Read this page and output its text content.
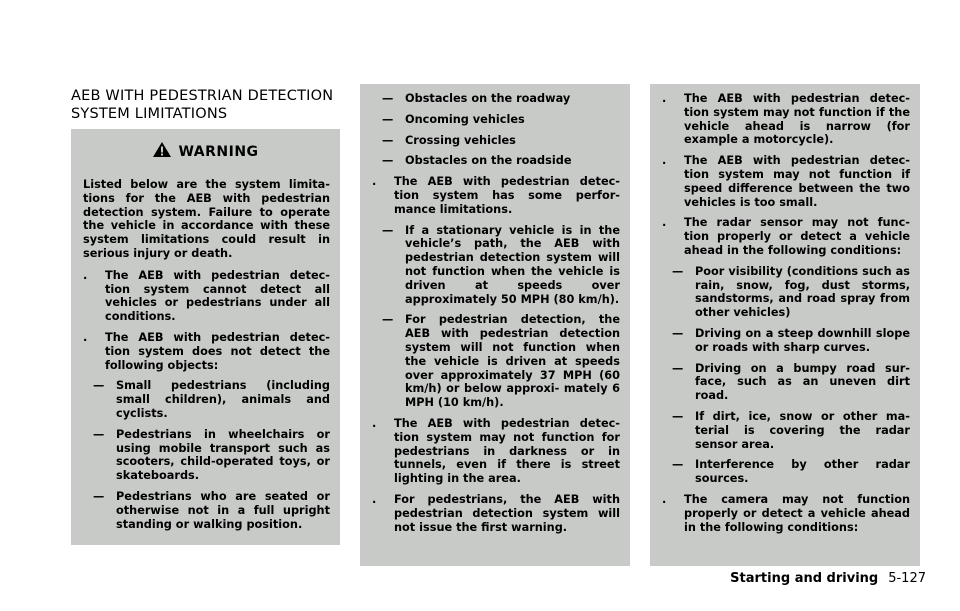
AEB WITH PEDESTRIAN DETECTION
SYSTEM LIMITATIONS
WARNING

Listed below are the system limita- tions for the AEB with pedestrian detection system. Failure to operate the vehicle in accordance with these system limitations could result in serious injury or death.

. The AEB with pedestrian detec- tion system cannot detect all vehicles or pedestrians under all conditions.
. The AEB with pedestrian detec- tion system does not detect the following objects:
— Small pedestrians (including small children), animals and cyclists.
— Pedestrians in wheelchairs or using mobile transport such as scooters, child-operated toys, or skateboards.
— Pedestrians who are seated or otherwise not in a full upright standing or walking position.
— Obstacles on the roadway
— Oncoming vehicles
— Crossing vehicles
— Obstacles on the roadside
. The AEB with pedestrian detec- tion system has some perfor- mance limitations.
— If a stationary vehicle is in the vehicle’s path, the AEB with pedestrian detection system will not function when the vehicle is driven at speeds over approximately 50 MPH (80 km/h).
— For pedestrian detection, the AEB with pedestrian detection system will not function when the vehicle is driven at speeds over approximately 37 MPH (60 km/h) or below approxi- mately 6 MPH (10 km/h).
. The AEB with pedestrian detec- tion system may not function for pedestrians in darkness or in tunnels, even if there is street lighting in the area.
. For pedestrians, the AEB with pedestrian detection system will not issue the first warning.
. The AEB with pedestrian detec- tion system may not function if the vehicle ahead is narrow (for example a motorcycle).
. The AEB with pedestrian detec- tion system may not function if speed difference between the two vehicles is too small.
. The radar sensor may not func- tion properly or detect a vehicle ahead in the following conditions:
— Poor visibility (conditions such as rain, snow, fog, dust storms, sandstorms, and road spray from other vehicles)
— Driving on a steep downhill slope or roads with sharp curves.
— Driving on a bumpy road sur- face, such as an uneven dirt road.
— If dirt, ice, snow or other ma- terial is covering the radar sensor area.
— Interference by other radar sources.
. The camera may not function properly or detect a vehicle ahead in the following conditions:
Starting and driving 5-127
